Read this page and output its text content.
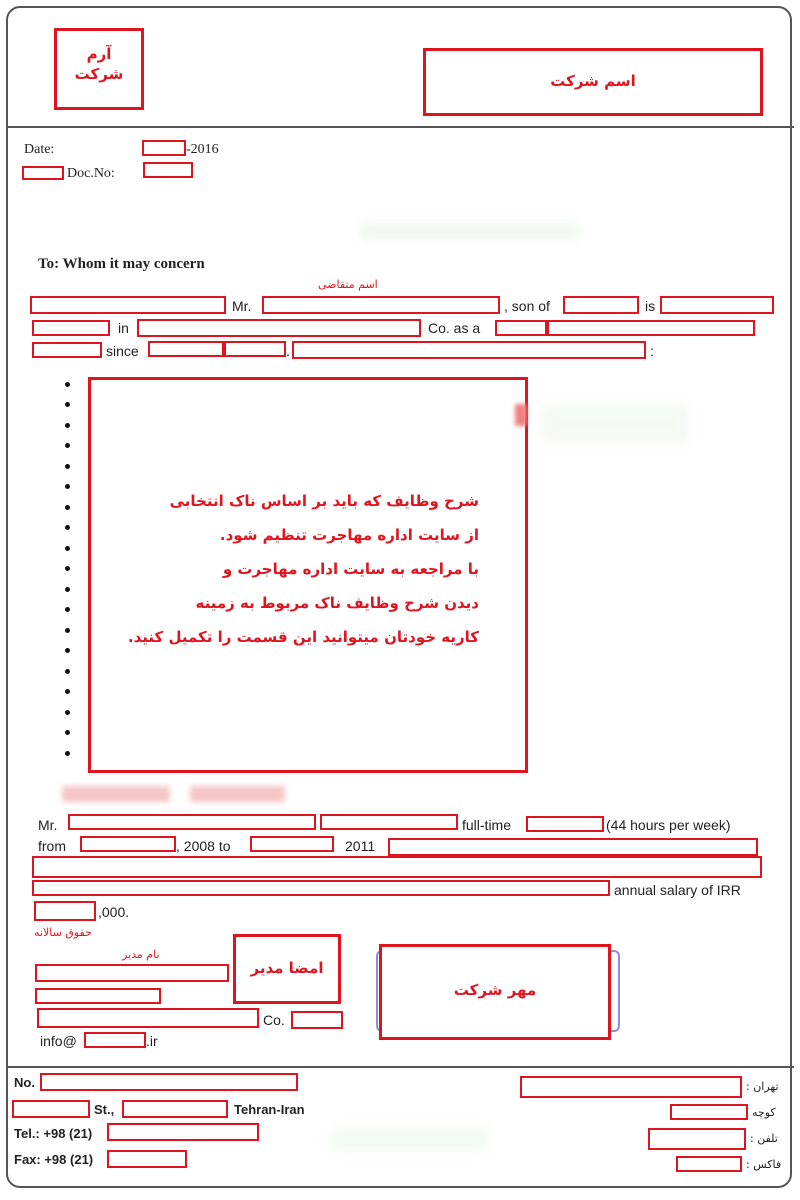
آرم
شرکت	اسم شرکت
Date:	-2016
Doc.No:
To: Whom it may concern
اسم متقاضی
Mr.	, son of	is
in	Co. as a
since	.	:
شرح وظایف که باید بر اساس ناک انتخابی
از سایت اداره مهاجرت تنظیم شود.
با مراجعه به سایت اداره مهاجرت و
دیدن شرح وظایف ناک مربوط به زمینه
کاریه خودتان میتوانید این قسمت را تکمیل کنید.
Mr.	full-time	(44 hours per week)
from	, 2008 to	2011
annual salary of IRR
,000.
حقوق سالانه
نام مدیر
امضا مدیر
Co.
info@	.ir
مهر شرکت
No.
St.,	Tehran-Iran
Tel.: +98 (21)
Fax: +98 (21)
تهران :
کوچه
تلفن :
فاکس :
